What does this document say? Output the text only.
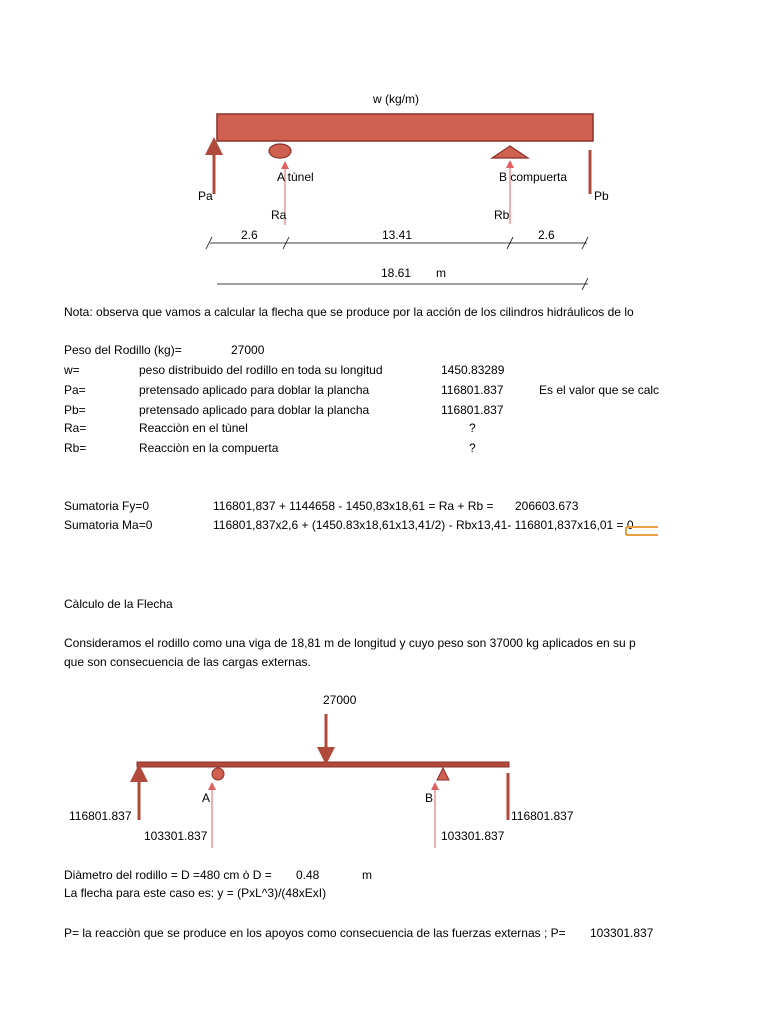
w (kg/m)
A tùnel	B compuerta
Pa	Pb
Ra	Rb
2.6	13.41	2.6
18.61 m
Nota: observa que vamos a calcular la flecha que se produce por la acción de los cilindros hidráulicos de lo
Peso del Rodillo (kg)=	27000
w=	peso distribuido del rodillo en toda su longitud	1450.83289
Pa=	pretensado aplicado para doblar la plancha	116801.837	Es el valor que se calc
Pb=	pretensado aplicado para doblar la plancha	116801.837
Ra=	Reacciòn en el tùnel	?
Rb=	Reacciòn en la compuerta	?
Sumatoria Fy=0	116801,837 + 1144658 - 1450,83x18,61 = Ra + Rb = 206603.673
Sumatoria Ma=0	116801,837x2,6 + (1450.83x18,61x13,41/2) - Rbx13,41- 116801,837x16,01 = 0
Càlculo de la Flecha
Consideramos el rodillo como una viga de 18,81 m de longitud y cuyo peso son 37000 kg aplicados en su p
que son consecuencia de las cargas externas.
27000
A	B
116801.837	116801.837
103301.837	103301.837
Diàmetro del rodillo = D =480 cm ò D = 0.48	m
La flecha para este caso es: y = (PxL^3)/(48xExI)
P= la reacciòn que se produce en los apoyos como consecuencia de las fuerzas externas ; P= 103301.837
